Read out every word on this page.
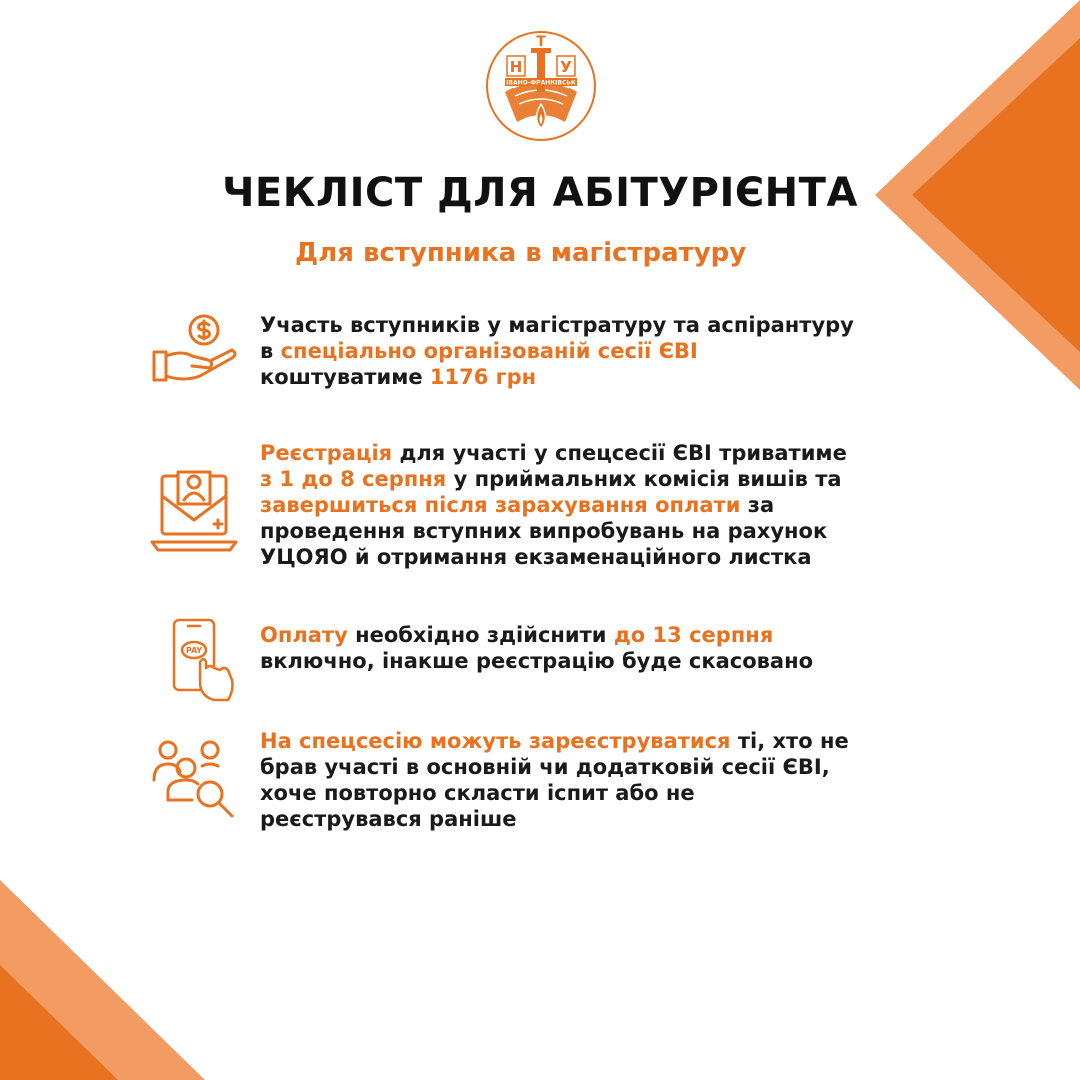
Н
Т
У
ІВАНО-ФРАНКІВСЬК
ЧЕКЛІСТ ДЛЯ АБІТУРІЄНТА
Для вступника в магістратуру
Участь вступників у магістратуру та аспірантуру
в спеціально організованій сесії ЄВІ
коштуватиме 1176 грн
Реєстрація для участі у спецсесії ЄВІ триватиме
з 1 до 8 серпня у приймальних комісія вишів та
завершиться після зарахування оплати за
проведення вступних випробувань на рахунок
УЦОЯО й отримання екзаменаційного листка
PAY
Оплату необхідно здійснити до 13 серпня
включно, інакше реєстрацію буде скасовано
На спецсесію можуть зареєструватися ті, хто не
брав участі в основній чи додатковій сесії ЄВІ,
хоче повторно скласти іспит або не
реєструвався раніше
